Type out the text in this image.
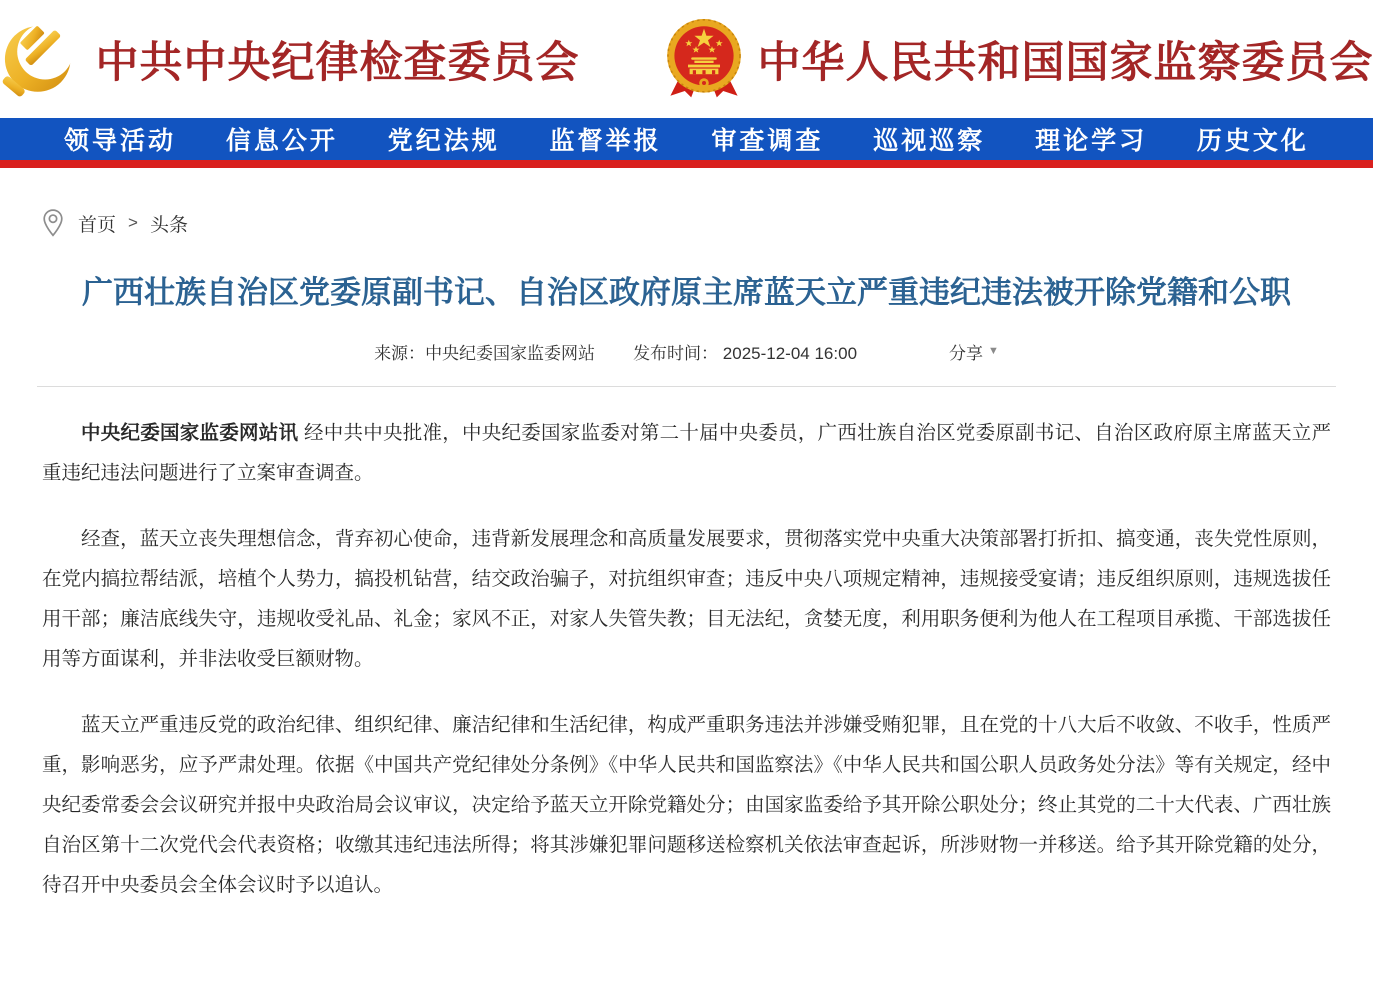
中共中央纪律检查委员会	中华人民共和国国家监察委员会
领导活动 信息公开 党纪法规 监督举报 审查调查 巡视巡察 理论学习 历史文化
首页 > 头条
广西壮族自治区党委原副书记、自治区政府原主席蓝天立严重违纪违法被开除党籍和公职
来源：中央纪委国家监委网站 发布时间： 2025-12-04 16:00	分享 ▼

中央纪委国家监委网站讯 经中共中央批准，中央纪委国家监委对第二十届中央委员，广西壮族自治区党委原副书记、自治区政府原主席蓝天立严重违纪违法问题进行了立案审查调查。

经查，蓝天立丧失理想信念，背弃初心使命，违背新发展理念和高质量发展要求，贯彻落实党中央重大决策部署打折扣、搞变通，丧失党性原则，在党内搞拉帮结派，培植个人势力，搞投机钻营，结交政治骗子，对抗组织审查；违反中央八项规定精神，违规接受宴请；违反组织原则，违规选拔任用干部；廉洁底线失守，违规收受礼品、礼金；家风不正，对家人失管失教；目无法纪，贪婪无度，利用职务便利为他人在工程项目承揽、干部选拔任用等方面谋利，并非法收受巨额财物。

蓝天立严重违反党的政治纪律、组织纪律、廉洁纪律和生活纪律，构成严重职务违法并涉嫌受贿犯罪，且在党的十八大后不收敛、不收手，性质严重，影响恶劣，应予严肃处理。依据《中国共产党纪律处分条例》《中华人民共和国监察法》《中华人民共和国公职人员政务处分法》等有关规定，经中央纪委常委会会议研究并报中央政治局会议审议，决定给予蓝天立开除党籍处分；由国家监委给予其开除公职处分；终止其党的二十大代表、广西壮族自治区第十二次党代会代表资格；收缴其违纪违法所得；将其涉嫌犯罪问题移送检察机关依法审查起诉，所涉财物一并移送。给予其开除党籍的处分，待召开中央委员会全体会议时予以追认。
